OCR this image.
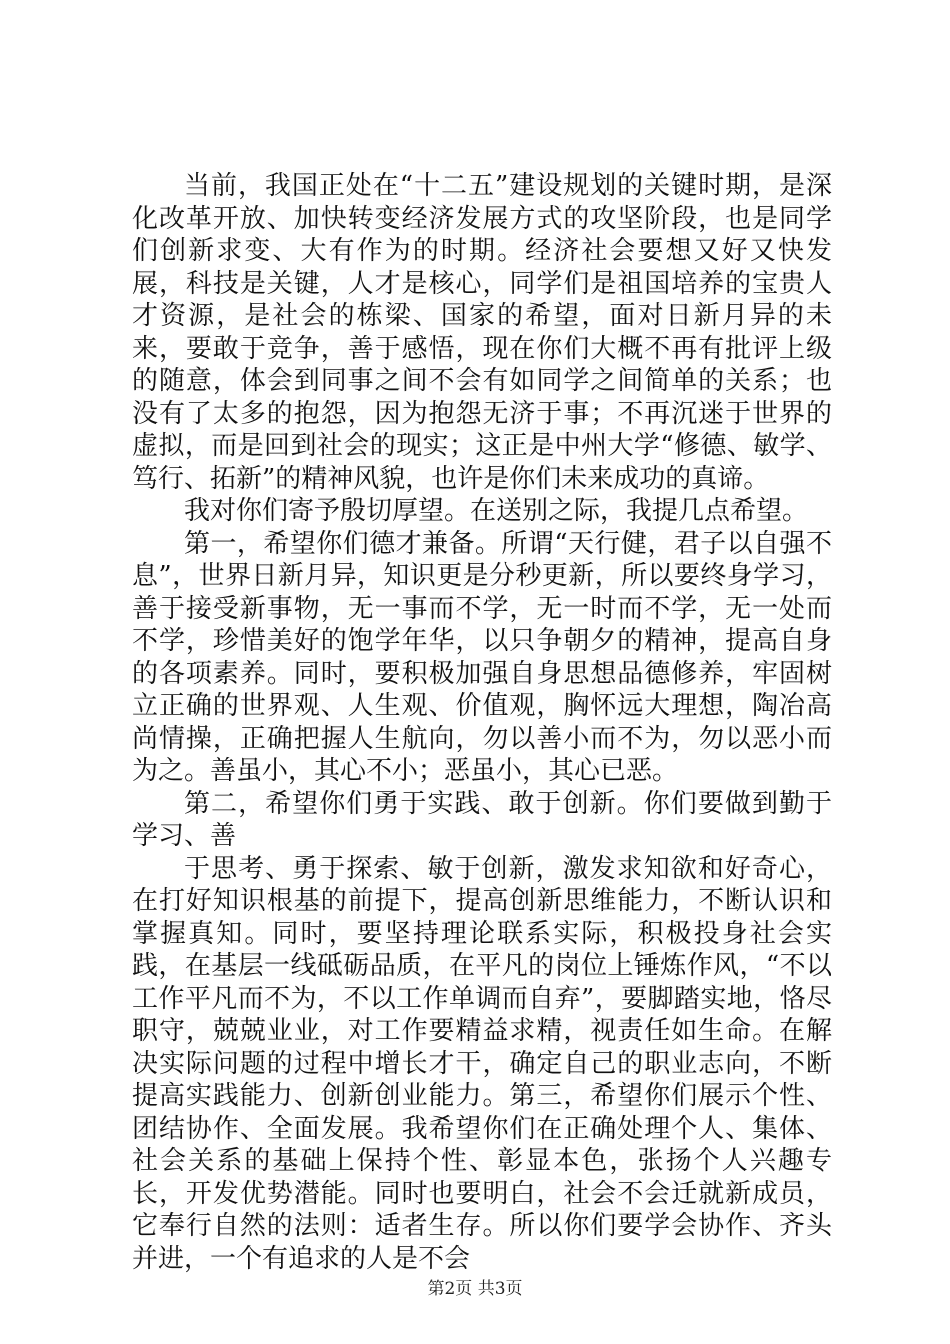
当前，我国正处在“十二五”建设规划的关键时期，是深化改革开放、加快转变经济发展方式的攻坚阶段，也是同学们创新求变、大有作为的时期。经济社会要想又好又快发展，科技是关键，人才是核心，同学们是祖国培养的宝贵人才资源，是社会的栋梁、国家的希望，面对日新月异的未来，要敢于竞争，善于感悟，现在你们大概不再有批评上级的随意，体会到同事之间不会有如同学之间简单的关系；也没有了太多的抱怨，因为抱怨无济于事；不再沉迷于世界的虚拟，而是回到社会的现实；这正是中州大学“修德、敏学、笃行、拓新”的精神风貌，也许是你们未来成功的真谛。

我对你们寄予殷切厚望。在送别之际，我提几点希望。

第一，希望你们德才兼备。所谓“天行健，君子以自强不息”，世界日新月异，知识更是分秒更新，所以要终身学习，善于接受新事物，无一事而不学，无一时而不学，无一处而不学，珍惜美好的饱学年华，以只争朝夕的精神，提高自身的各项素养。同时，要积极加强自身思想品德修养，牢固树立正确的世界观、人生观、价值观，胸怀远大理想，陶冶高尚情操，正确把握人生航向，勿以善小而不为，勿以恶小而为之。善虽小，其心不小；恶虽小，其心已恶。

第二，希望你们勇于实践、敢于创新。你们要做到勤于学习、善

于思考、勇于探索、敏于创新，激发求知欲和好奇心，在打好知识根基的前提下，提高创新思维能力，不断认识和掌握真知。同时，要坚持理论联系实际，积极投身社会实践，在基层一线砥砺品质，在平凡的岗位上锤炼作风，“不以工作平凡而不为，不以工作单调而自弃”，要脚踏实地，恪尽职守，兢兢业业，对工作要精益求精，视责任如生命。在解决实际问题的过程中增长才干，确定自己的职业志向，不断提高实践能力、创新创业能力。第三，希望你们展示个性、团结协作、全面发展。我希望你们在正确处理个人、集体、社会关系的基础上保持个性、彰显本色，张扬个人兴趣专长，开发优势潜能。同时也要明白，社会不会迁就新成员，它奉行自然的法则：适者生存。所以你们要学会协作、齐头并进，一个有追求的人是不会

第2页 共3页
